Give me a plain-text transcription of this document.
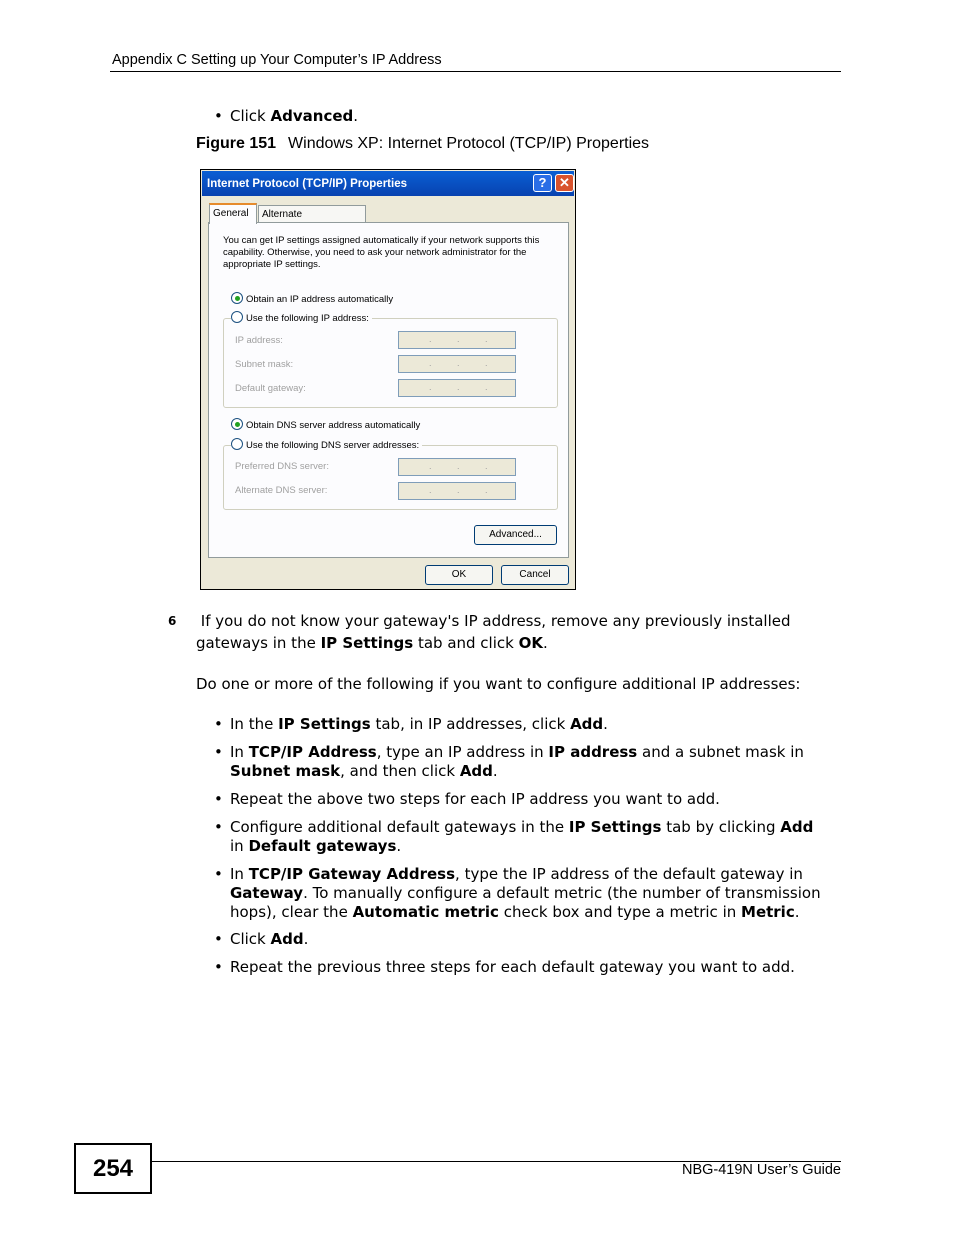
Appendix C Setting up Your Computer’s IP Address
• Click Advanced.
Figure 151 Windows XP: Internet Protocol (TCP/IP) Properties
Internet Protocol (TCP/IP) Properties	? ✕
General	Alternate
You can get IP settings assigned automatically if your network supports this capability. Otherwise, you need to ask your network administrator for the appropriate IP settings.
Obtain an IP address automatically
Use the following IP address:
IP address:	.	.	.
Subnet mask:	.	.	.
Default gateway:	.	.	.
Obtain DNS server address automatically
Use the following DNS server addresses:
Preferred DNS server:	.	.	.
Alternate DNS server:	.	.	.
Advanced...
OK	Cancel
6 If you do not know your gateway's IP address, remove any previously installed
gateways in the IP Settings tab and click OK.
Do one or more of the following if you want to configure additional IP addresses:
• In the IP Settings tab, in IP addresses, click Add.
• In TCP/IP Address, type an IP address in IP address and a subnet mask in
Subnet mask, and then click Add.
• Repeat the above two steps for each IP address you want to add.
• Configure additional default gateways in the IP Settings tab by clicking Add
in Default gateways.
• In TCP/IP Gateway Address, type the IP address of the default gateway in
Gateway. To manually configure a default metric (the number of transmission
hops), clear the Automatic metric check box and type a metric in Metric.
• Click Add.
• Repeat the previous three steps for each default gateway you want to add.
254	NBG-419N User’s Guide
